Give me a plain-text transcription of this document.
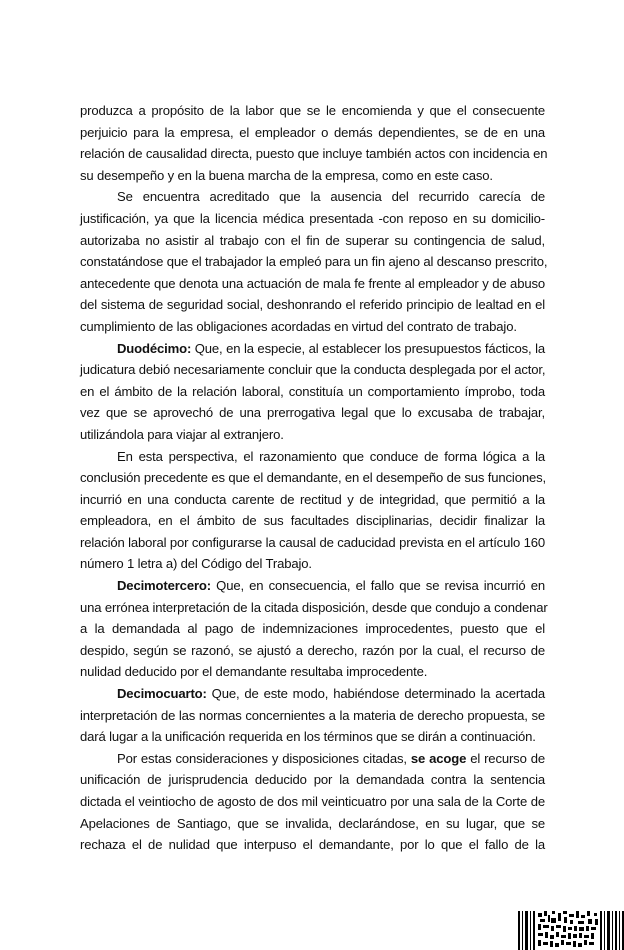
produzca a propósito de la labor que se le encomienda y que el consecuente
perjuicio para la empresa, el empleador o demás dependientes, se de en una
relación de causalidad directa, puesto que incluye también actos con incidencia en
su desempeño y en la buena marcha de la empresa, como en este caso.
Se encuentra acreditado que la ausencia del recurrido carecía de
justificación, ya que la licencia médica presentada -con reposo en su domicilio-
autorizaba no asistir al trabajo con el fin de superar su contingencia de salud,
constatándose que el trabajador la empleó para un fin ajeno al descanso prescrito,
antecedente que denota una actuación de mala fe frente al empleador y de abuso
del sistema de seguridad social, deshonrando el referido principio de lealtad en el
cumplimiento de las obligaciones acordadas en virtud del contrato de trabajo.
Duodécimo: Que, en la especie, al establecer los presupuestos fácticos, la
judicatura debió necesariamente concluir que la conducta desplegada por el actor,
en el ámbito de la relación laboral, constituía un comportamiento ímprobo, toda
vez que se aprovechó de una prerrogativa legal que lo excusaba de trabajar,
utilizándola para viajar al extranjero.
En esta perspectiva, el razonamiento que conduce de forma lógica a la
conclusión precedente es que el demandante, en el desempeño de sus funciones,
incurrió en una conducta carente de rectitud y de integridad, que permitió a la
empleadora, en el ámbito de sus facultades disciplinarias, decidir finalizar la
relación laboral por configurarse la causal de caducidad prevista en el artículo 160
número 1 letra a) del Código del Trabajo.
Decimotercero: Que, en consecuencia, el fallo que se revisa incurrió en
una errónea interpretación de la citada disposición, desde que condujo a condenar
a la demandada al pago de indemnizaciones improcedentes, puesto que el
despido, según se razonó, se ajustó a derecho, razón por la cual, el recurso de
nulidad deducido por el demandante resultaba improcedente.
Decimocuarto: Que, de este modo, habiéndose determinado la acertada
interpretación de las normas concernientes a la materia de derecho propuesta, se
dará lugar a la unificación requerida en los términos que se dirán a continuación.
Por estas consideraciones y disposiciones citadas, se acoge el recurso de
unificación de jurisprudencia deducido por la demandada contra la sentencia
dictada el veintiocho de agosto de dos mil veinticuatro por una sala de la Corte de
Apelaciones de Santiago, que se invalida, declarándose, en su lugar, que se
rechaza el de nulidad que interpuso el demandante, por lo que el fallo de la
